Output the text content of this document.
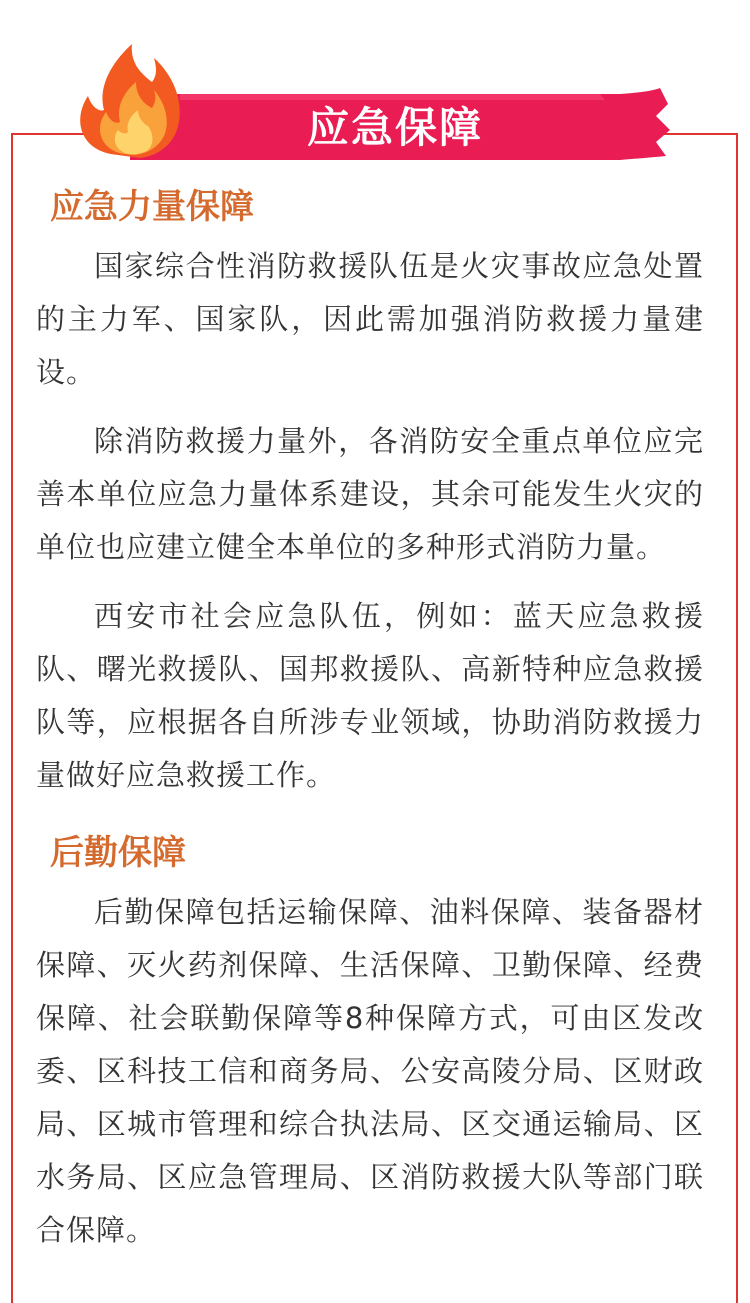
应急保障
应急力量保障

国家综合性消防救援队伍是火灾事故应急处置的主力军、国家队，因此需加强消防救援力量建设。

除消防救援力量外，各消防安全重点单位应完善本单位应急力量体系建设，其余可能发生火灾的单位也应建立健全本单位的多种形式消防力量。

西安市社会应急队伍，例如：蓝天应急救援队、曙光救援队、国邦救援队、高新特种应急救援队等，应根据各自所涉专业领域，协助消防救援力量做好应急救援工作。

后勤保障

后勤保障包括运输保障、油料保障、装备器材保障、灭火药剂保障、生活保障、卫勤保障、经费保障、社会联勤保障等8种保障方式，可由区发改委、区科技工信和商务局、公安高陵分局、区财政局、区城市管理和综合执法局、区交通运输局、区水务局、区应急管理局、区消防救援大队等部门联合保障。
